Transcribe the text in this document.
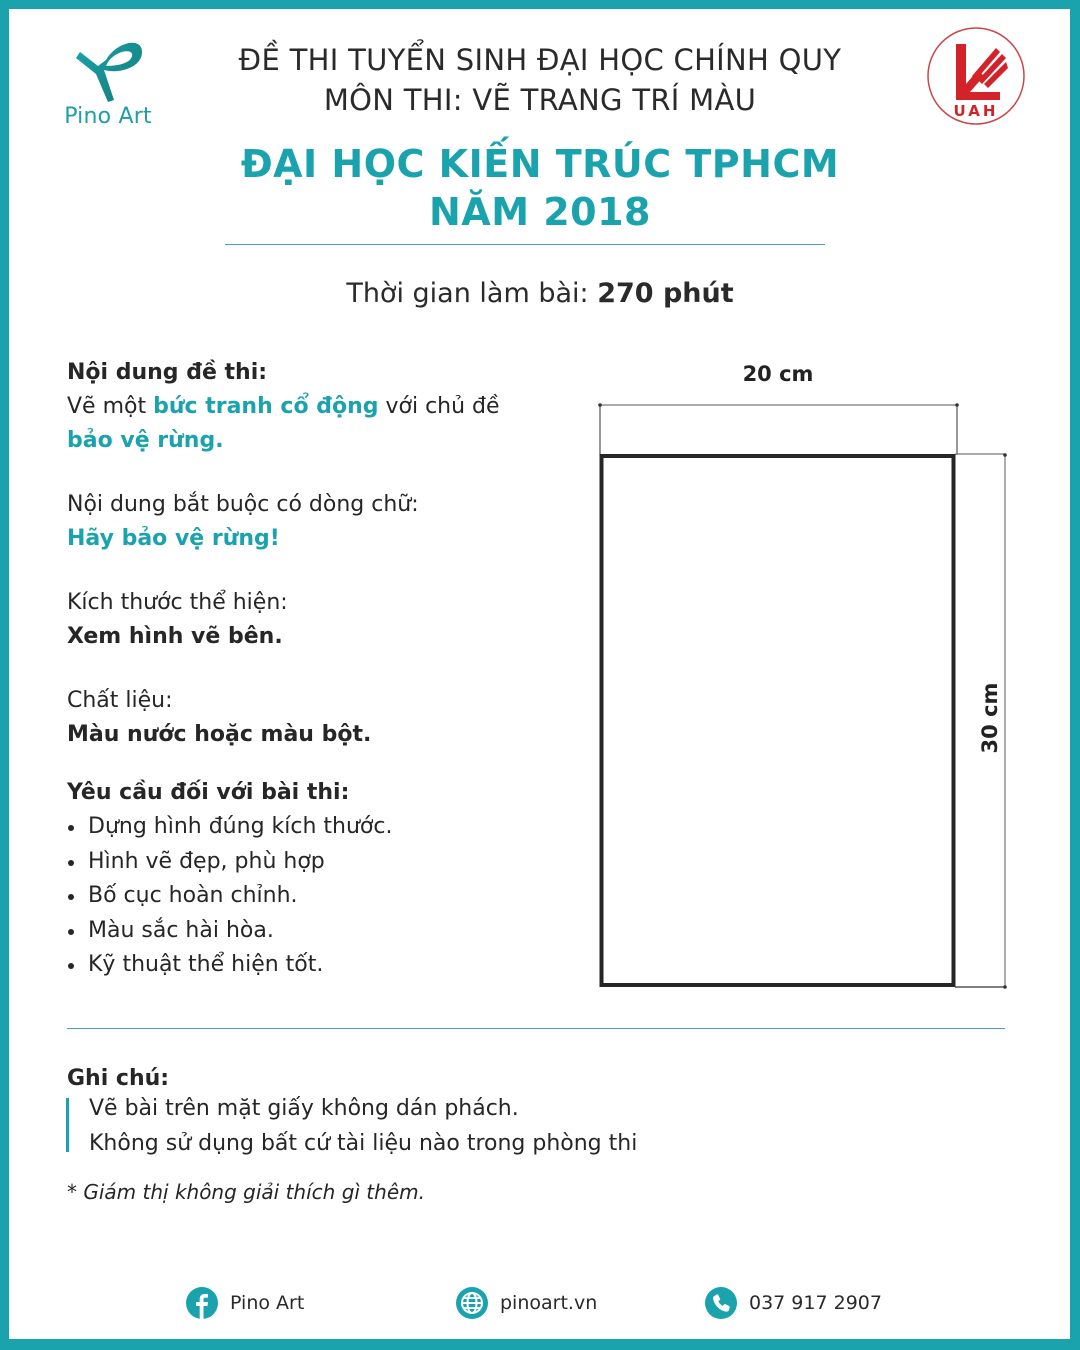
Pino Art	UAH
ĐỀ THI TUYỂN SINH ĐẠI HỌC CHÍNH QUY
MÔN THI: VẼ TRANG TRÍ MÀU
ĐẠI HỌC KIẾN TRÚC TPHCM
NĂM 2018
Thời gian làm bài: 270 phút
Nội dung đề thi:
Vẽ một bức tranh cổ động với chủ đề bảo vệ rừng.
Nội dung bắt buộc có dòng chữ:
Hãy bảo vệ rừng!
Kích thước thể hiện:
Xem hình vẽ bên.
Chất liệu:
Màu nước hoặc màu bột.
Yêu cầu đối với bài thi:
Dựng hình đúng kích thước.
Hình vẽ đẹp, phù hợp
Bố cục hoàn chỉnh.
Màu sắc hài hòa.
Kỹ thuật thể hiện tốt.
20 cm
30 cm
Ghi chú:
Vẽ bài trên mặt giấy không dán phách.
Không sử dụng bất cứ tài liệu nào trong phòng thi
* Giám thị không giải thích gì thêm.
Pino Art	pinoart.vn	037 917 2907
